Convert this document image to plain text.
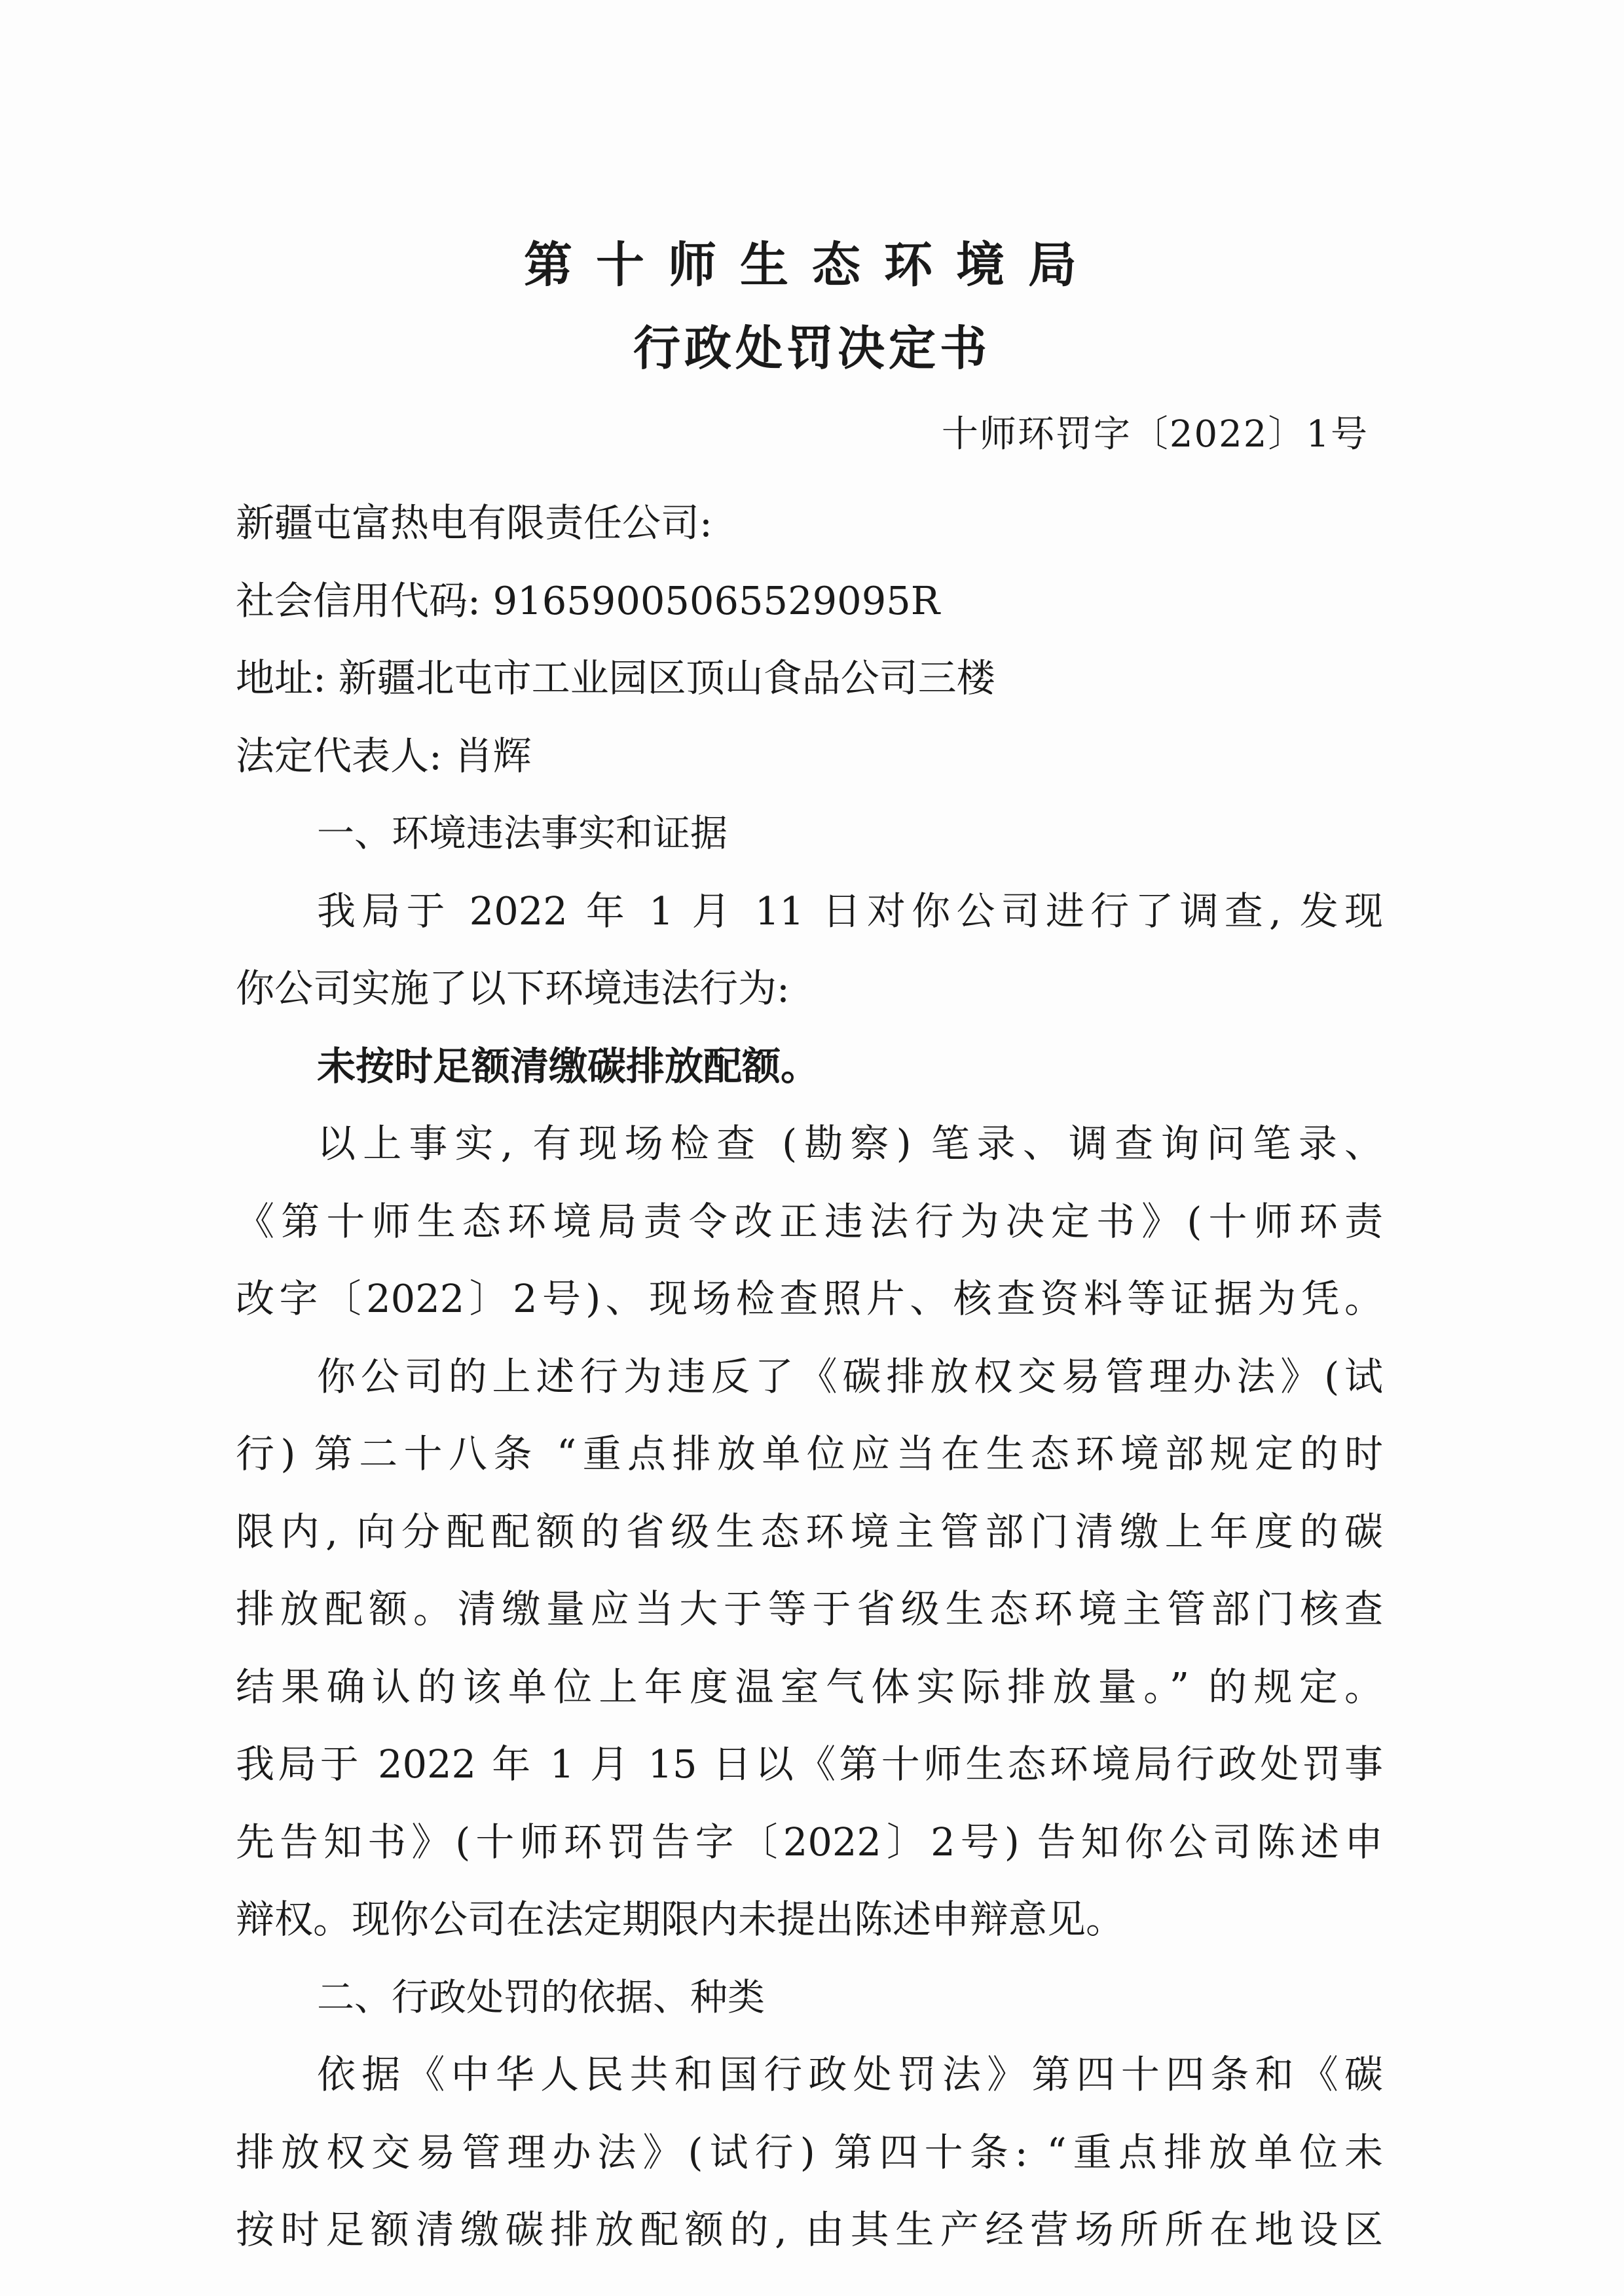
第十师生态环境局
行政处罚决定书
十师环罚字〔2022〕1号
新疆屯富热电有限责任公司:
社会信用代码: 91659005065529095R
地址: 新疆北屯市工业园区顶山食品公司三楼
法定代表人: 肖辉
一、环境违法事实和证据
我局于 2022 年 1 月 11 日对你公司进行了调查, 发现
你公司实施了以下环境违法行为:
未按时足额清缴碳排放配额。
以上事实, 有现场检查 (勘察) 笔录、调查询问笔录、
《第十师生态环境局责令改正违法行为决定书》(十师环责
改字〔2022〕2号)、现场检查照片、核查资料等证据为凭。
你公司的上述行为违反了《碳排放权交易管理办法》(试
行) 第二十八条 “重点排放单位应当在生态环境部规定的时
限内, 向分配配额的省级生态环境主管部门清缴上年度的碳
排放配额。清缴量应当大于等于省级生态环境主管部门核查
结果确认的该单位上年度温室气体实际排放量。” 的规定。
我局于 2022 年 1 月 15 日以《第十师生态环境局行政处罚事
先告知书》(十师环罚告字〔2022〕2号) 告知你公司陈述申
辩权。现你公司在法定期限内未提出陈述申辩意见。
二、行政处罚的依据、种类
依据《中华人民共和国行政处罚法》第四十四条和《碳
排放权交易管理办法》(试行) 第四十条: “重点排放单位未
按时足额清缴碳排放配额的, 由其生产经营场所所在地设区
